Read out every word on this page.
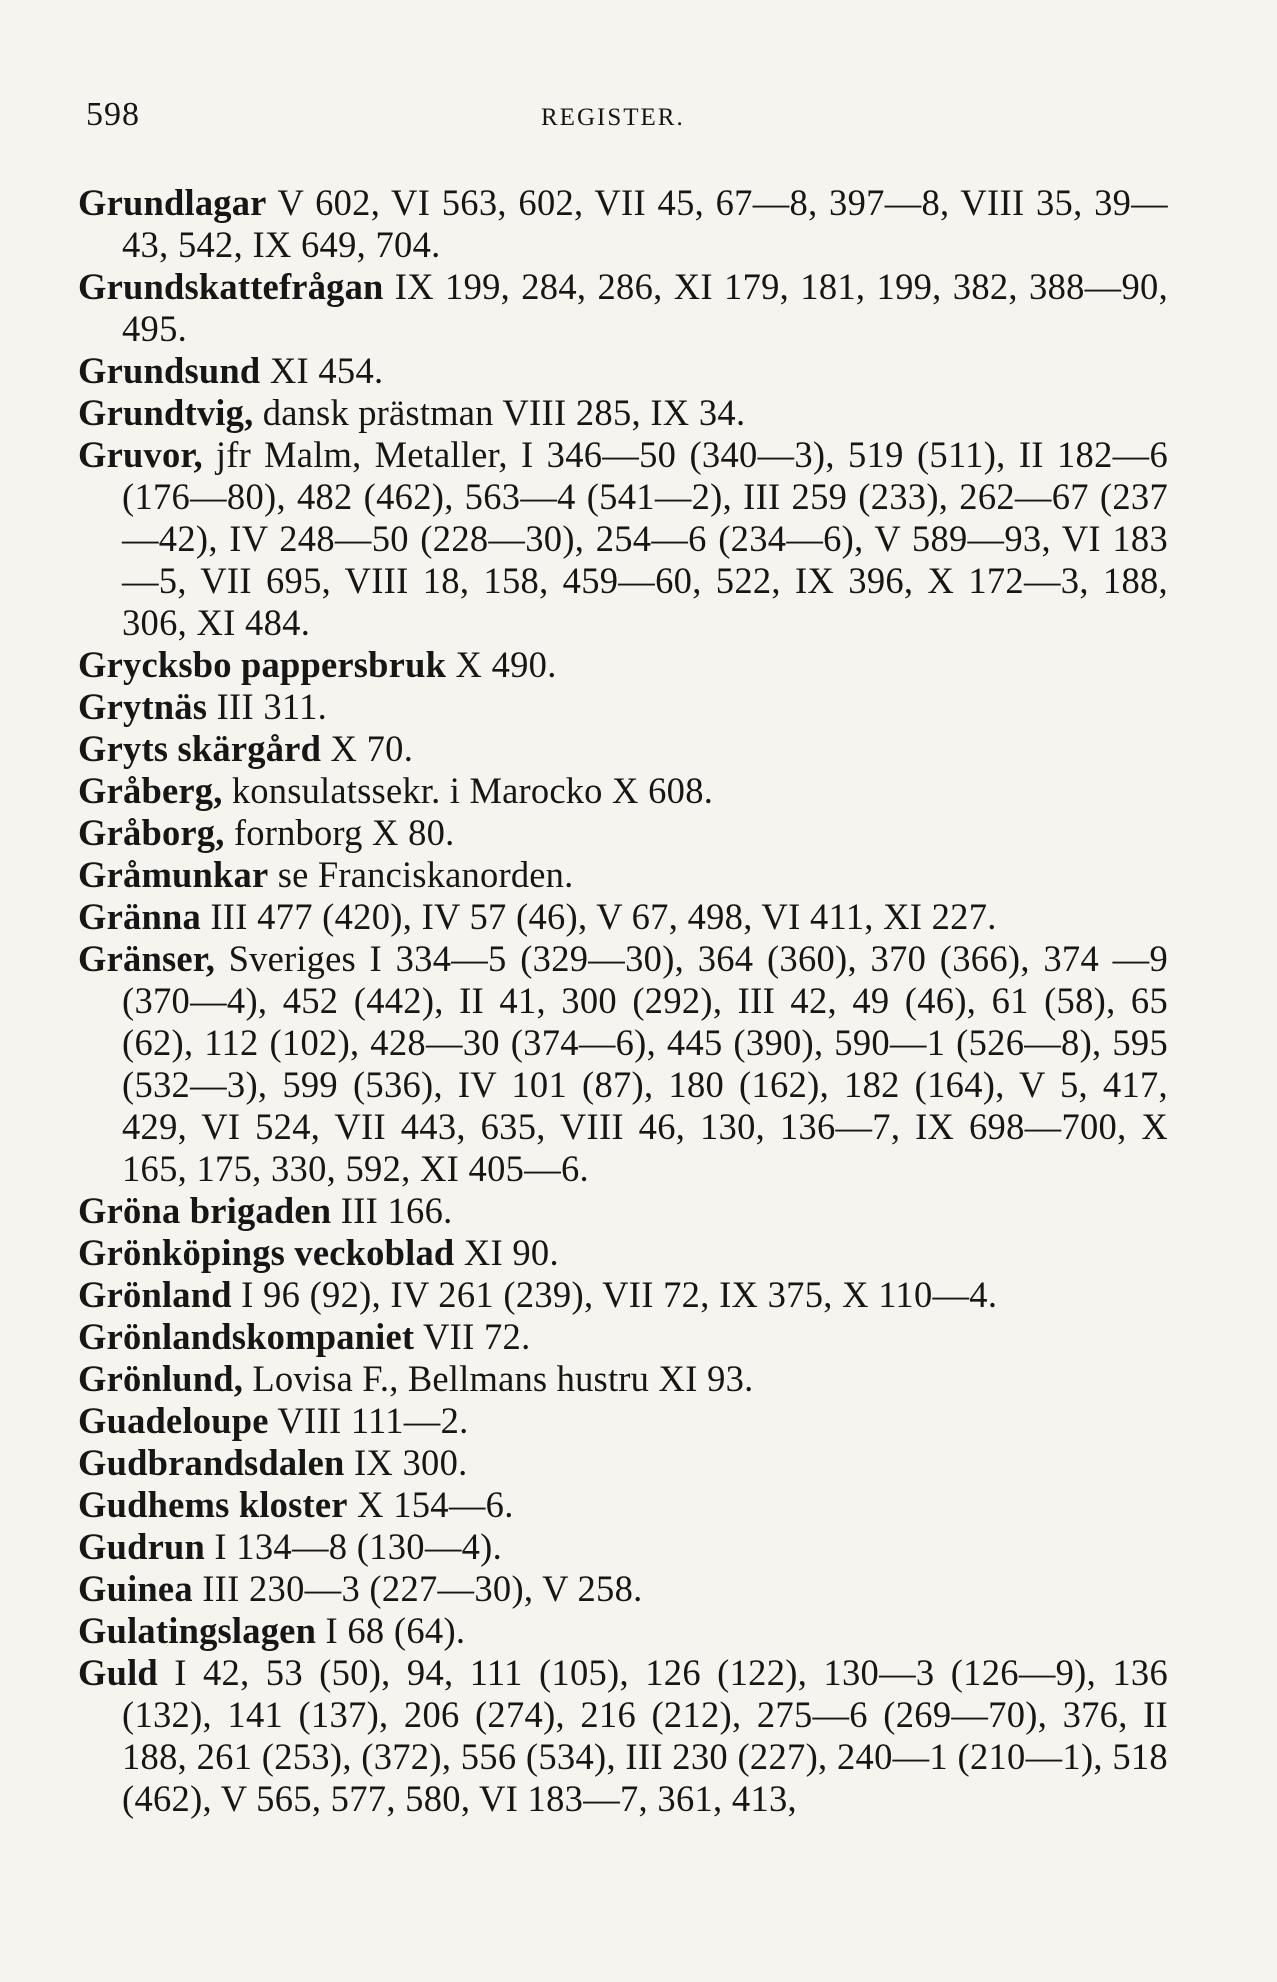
598	REGISTER.

Grundlagar V 602, VI 563, 602, VII 45, 67—8, 397—8, VIII 35, 39—43, 542, IX 649, 704.

Grundskattefrågan IX 199, 284, 286, XI 179, 181, 199, 382, 388—90, 495.

Grundsund XI 454.

Grundtvig, dansk prästman VIII 285, IX 34.

Gruvor, jfr Malm, Metaller, I 346—50 (340—3), 519 (511), II 182—6 (176—80), 482 (462), 563—4 (541—2), III 259 (233), 262—67 (237—42), IV 248—50 (228—30), 254—6 (234—6), V 589—93, VI 183—5, VII 695, VIII 18, 158, 459—60, 522, IX 396, X 172—3, 188, 306, XI 484.

Grycksbo pappersbruk X 490.

Grytnäs III 311.

Gryts skärgård X 70.

Gråberg, konsulatssekr. i Marocko X 608.

Gråborg, fornborg X 80.

Gråmunkar se Franciskanorden.

Gränna III 477 (420), IV 57 (46), V 67, 498, VI 411, XI 227.

Gränser, Sveriges I 334—5 (329—30), 364 (360), 370 (366), 374 —9 (370—4), 452 (442), II 41, 300 (292), III 42, 49 (46), 61 (58), 65 (62), 112 (102), 428—30 (374—6), 445 (390), 590—1 (526—8), 595 (532—3), 599 (536), IV 101 (87), 180 (162), 182 (164), V 5, 417, 429, VI 524, VII 443, 635, VIII 46, 130, 136—7, IX 698—700, X 165, 175, 330, 592, XI 405—6.

Gröna brigaden III 166.

Grönköpings veckoblad XI 90.

Grönland I 96 (92), IV 261 (239), VII 72, IX 375, X 110—4.

Grönlandskompaniet VII 72.

Grönlund, Lovisa F., Bellmans hustru XI 93.

Guadeloupe VIII 111—2.

Gudbrandsdalen IX 300.

Gudhems kloster X 154—6.

Gudrun I 134—8 (130—4).

Guinea III 230—3 (227—30), V 258.

Gulatingslagen I 68 (64).

Guld I 42, 53 (50), 94, 111 (105), 126 (122), 130—3 (126—9), 136 (132), 141 (137), 206 (274), 216 (212), 275—6 (269—70), 376, II 188, 261 (253), (372), 556 (534), III 230 (227), 240—1 (210—1), 518 (462), V 565, 577, 580, VI 183—7, 361, 413,
